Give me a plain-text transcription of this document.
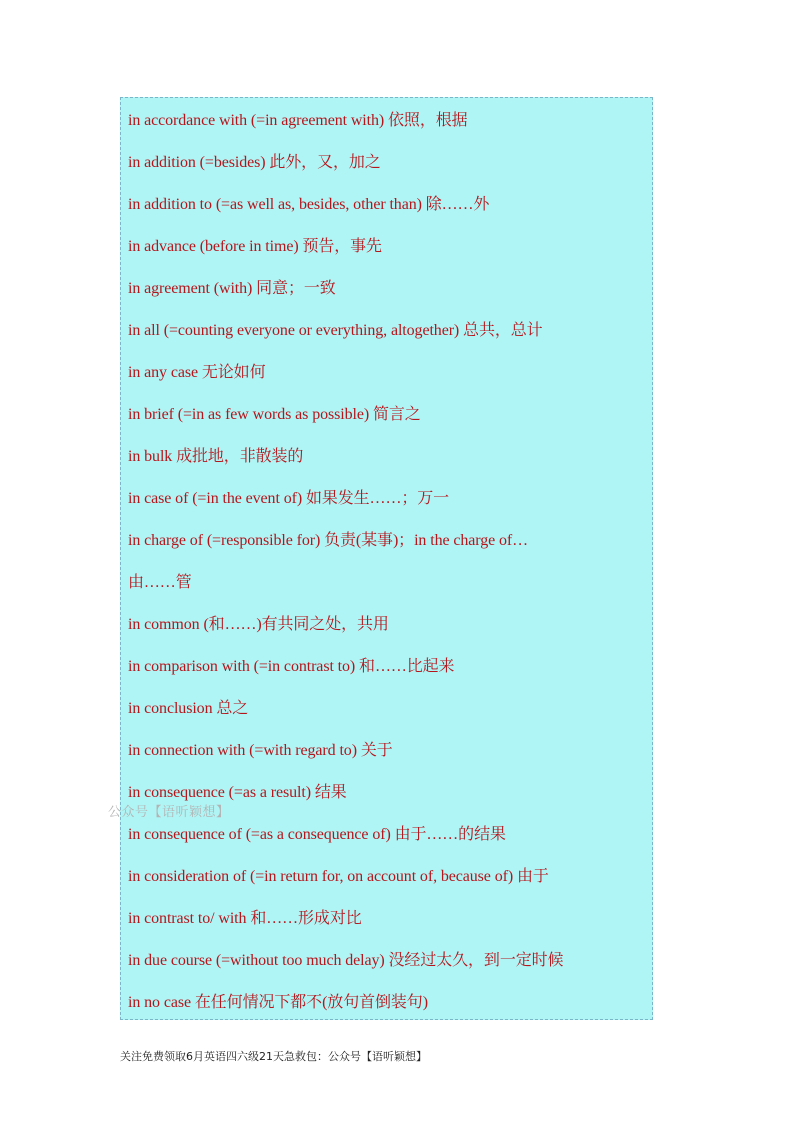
in accordance with (=in agreement with) 依照，根据
in addition (=besides) 此外，又，加之
in addition to (=as well as, besides, other than) 除……外
in advance (before in time) 预告，事先
in agreement (with) 同意；一致
in all (=counting everyone or everything, altogether) 总共，总计
in any case 无论如何
in brief (=in as few words as possible) 简言之
in bulk 成批地，非散装的
in case of (=in the event of) 如果发生……；万一
in charge of (=responsible for) 负责(某事)；in the charge of…
由……管
in common (和……)有共同之处，共用
in comparison with (=in contrast to) 和……比起来
in conclusion 总之
in connection with (=with regard to) 关于
in consequence (=as a result) 结果
in consequence of (=as a consequence of) 由于……的结果
in consideration of (=in return for, on account of, because of) 由于
in contrast to/ with 和……形成对比
in due course (=without too much delay) 没经过太久，到一定时候
in no case 在任何情况下都不(放句首倒装句)
公众号【语听颖想】
关注免费领取6月英语四六级21天急救包：公众号【语听颖想】
